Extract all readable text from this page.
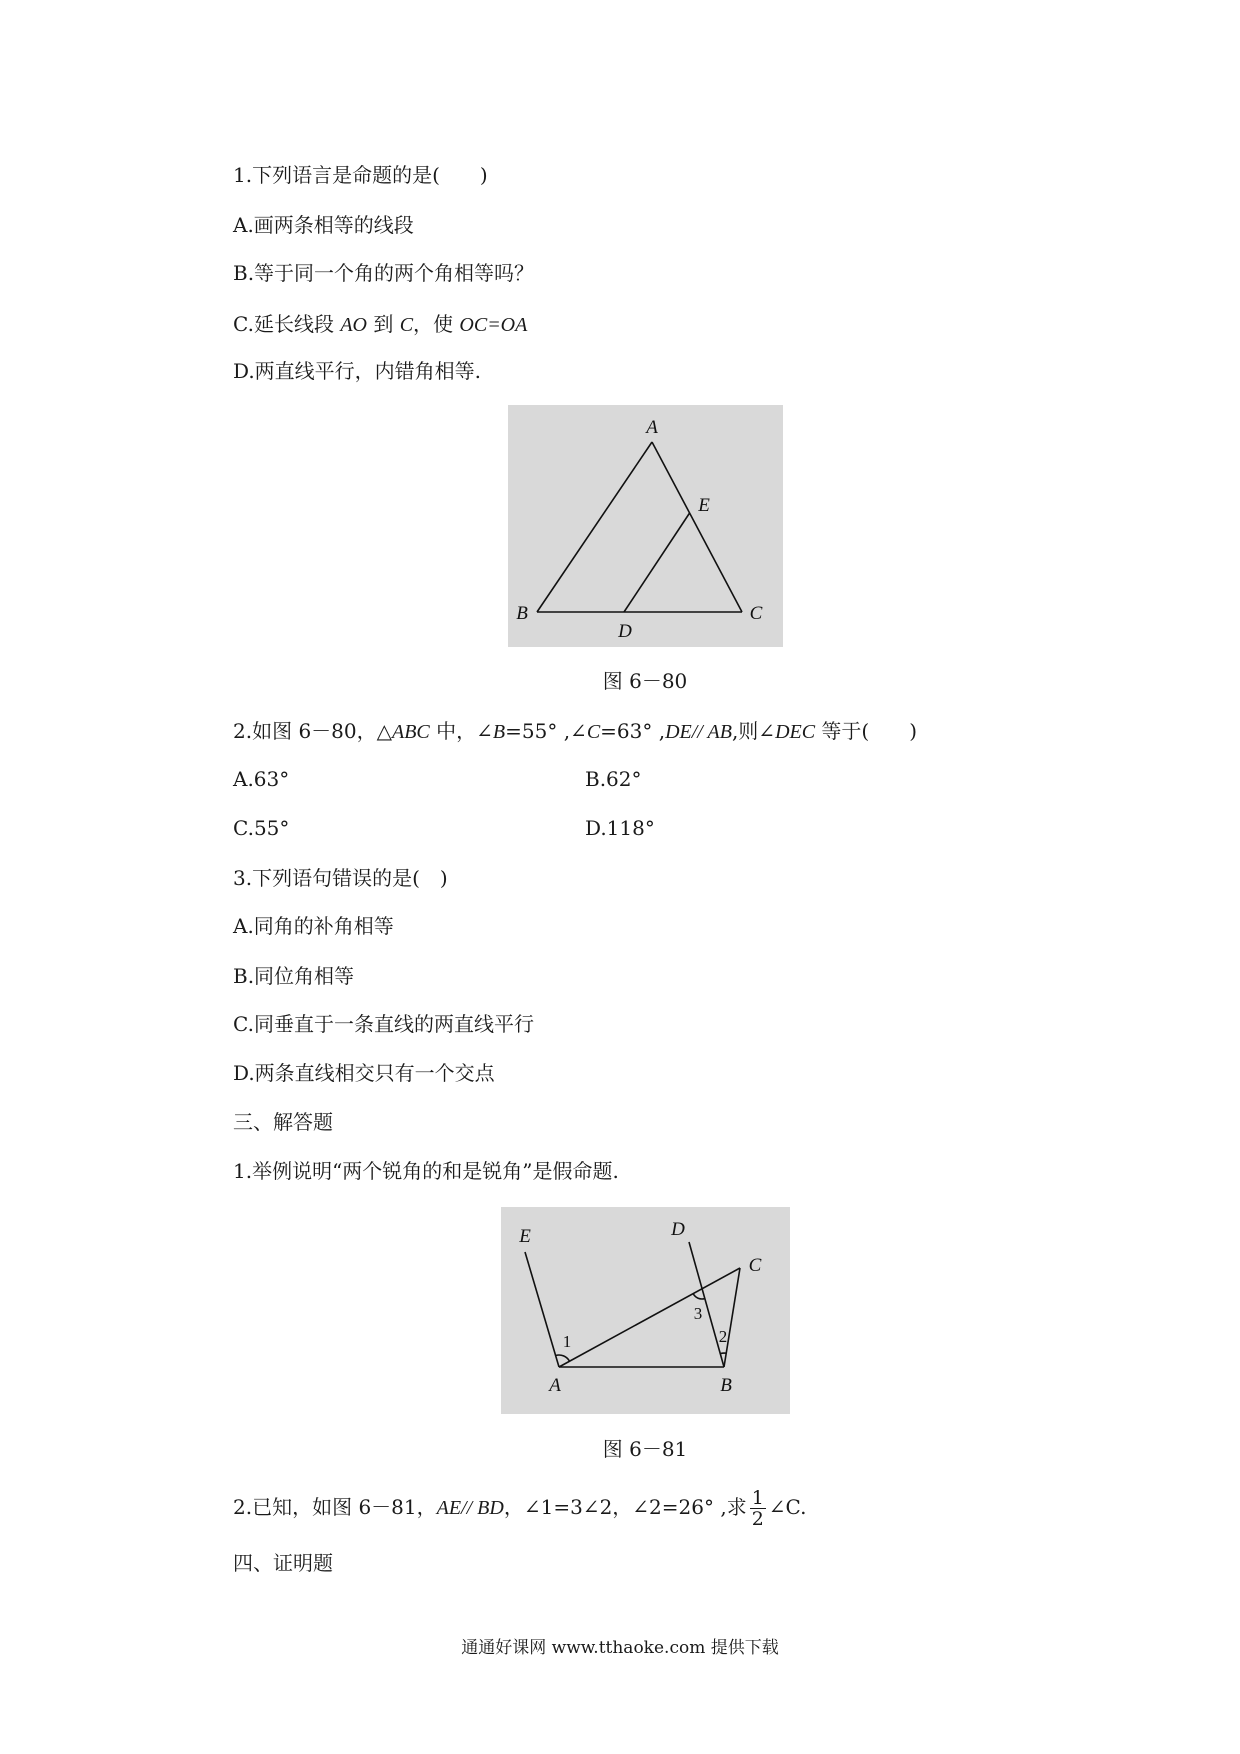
1.下列语言是命题的是(　　)
A.画两条相等的线段
B.等于同一个角的两个角相等吗？
C.延长线段 AO 到 C，使 OC=OA
D.两直线平行，内错角相等.
A
E
B
D
C
图 6－80
2.如图 6－80，△ABC 中，∠B=55° ,∠C=63° ,DE// AB,则∠DEC 等于(　　)
A.63°	B.62°
C.55°	D.118°
3.下列语句错误的是(　)
A.同角的补角相等
B.同位角相等
C.同垂直于一条直线的两直线平行
D.两条直线相交只有一个交点
三、解答题
1.举例说明“两个锐角的和是锐角”是假命题.
E	D
C
1
3
2
A	B
图 6－81
2.已知，如图 6－81，AE// BD，∠1=3∠2，∠2=26° ,求 $\frac{1}{2}$ ∠C.
四、证明题
通通好课网 www.tthaoke.com 提供下载
